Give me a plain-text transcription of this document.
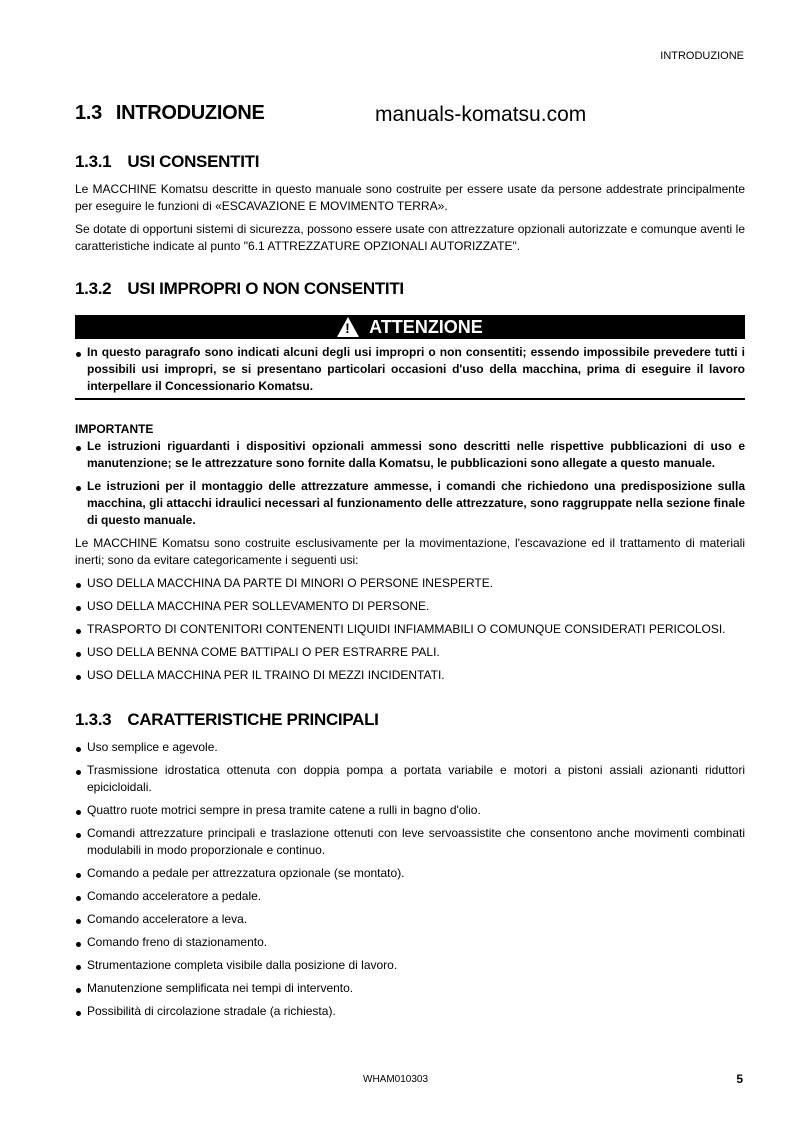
INTRODUZIONE
1.3 INTRODUZIONE	manuals-komatsu.com
1.3.1 USI CONSENTITI

Le MACCHINE Komatsu descritte in questo manuale sono costruite per essere usate da persone addestrate principalmente per eseguire le funzioni di «ESCAVAZIONE E MOVIMENTO TERRA».

Se dotate di opportuni sistemi di sicurezza, possono essere usate con attrezzature opzionali autorizzate e comunque aventi le caratteristiche indicate al punto "6.1 ATTREZZATURE OPZIONALI AUTORIZZATE".

1.3.2 USI IMPROPRI O NON CONSENTITI
! ATTENZIONE
In questo paragrafo sono indicati alcuni degli usi impropri o non consentiti; essendo impossibile prevedere tutti i possibili usi impropri, se si presentano particolari occasioni d'uso della macchina, prima di eseguire il lavoro interpellare il Concessionario Komatsu.

IMPORTANTE

Le istruzioni riguardanti i dispositivi opzionali ammessi sono descritti nelle rispettive pubblicazioni di uso e manutenzione; se le attrezzature sono fornite dalla Komatsu, le pubblicazioni sono allegate a questo manuale.
Le istruzioni per il montaggio delle attrezzature ammesse, i comandi che richiedono una predisposizione sulla macchina, gli attacchi idraulici necessari al funzionamento delle attrezzature, sono raggruppate nella sezione finale di questo manuale.

Le MACCHINE Komatsu sono costruite esclusivamente per la movimentazione, l'escavazione ed il trattamento di materiali inerti; sono da evitare categoricamente i seguenti usi:

USO DELLA MACCHINA DA PARTE DI MINORI O PERSONE INESPERTE.
USO DELLA MACCHINA PER SOLLEVAMENTO DI PERSONE.
TRASPORTO DI CONTENITORI CONTENENTI LIQUIDI INFIAMMABILI O COMUNQUE CONSIDERATI PERICOLOSI.
USO DELLA BENNA COME BATTIPALI O PER ESTRARRE PALI.
USO DELLA MACCHINA PER IL TRAINO DI MEZZI INCIDENTATI.
1.3.3 CARATTERISTICHE PRINCIPALI
Uso semplice e agevole.
Trasmissione idrostatica ottenuta con doppia pompa a portata variabile e motori a pistoni assiali azionanti riduttori epicicloidali.
Quattro ruote motrici sempre in presa tramite catene a rulli in bagno d'olio.
Comandi attrezzature principali e traslazione ottenuti con leve servoassistite che consentono anche movimenti combinati modulabili in modo proporzionale e continuo.
Comando a pedale per attrezzatura opzionale (se montato).
Comando acceleratore a pedale.
Comando acceleratore a leva.
Comando freno di stazionamento.
Strumentazione completa visibile dalla posizione di lavoro.
Manutenzione semplificata nei tempi di intervento.
Possibilità di circolazione stradale (a richiesta).
WHAM010303	5
